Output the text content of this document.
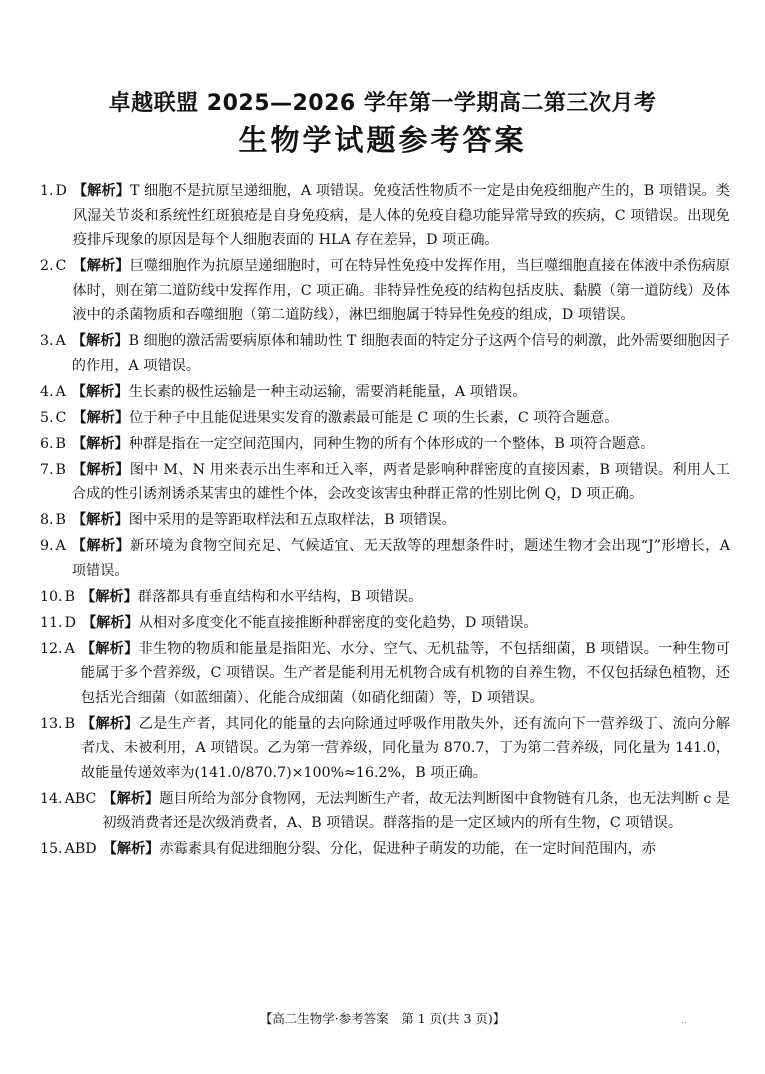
卓越联盟 2025—2026 学年第一学期高二第三次月考
生物学试题参考答案
1. D 【解析】T 细胞不是抗原呈递细胞，A 项错误。免疫活性物质不一定是由免疫细胞产生的，B 项错误。类风湿关节炎和系统性红斑狼疮是自身免疫病，是人体的免疫自稳功能异常导致的疾病，C 项错误。出现免疫排斥现象的原因是每个人细胞表面的 HLA 存在差异，D 项正确。
2. C 【解析】巨噬细胞作为抗原呈递细胞时，可在特异性免疫中发挥作用，当巨噬细胞直接在体液中杀伤病原体时，则在第二道防线中发挥作用，C 项正确。非特异性免疫的结构包括皮肤、黏膜（第一道防线）及体液中的杀菌物质和吞噬细胞（第二道防线），淋巴细胞属于特异性免疫的组成，D 项错误。
3. A 【解析】B 细胞的激活需要病原体和辅助性 T 细胞表面的特定分子这两个信号的刺激，此外需要细胞因子的作用，A 项错误。
4. A 【解析】生长素的极性运输是一种主动运输，需要消耗能量，A 项错误。
5. C 【解析】位于种子中且能促进果实发育的激素最可能是 C 项的生长素，C 项符合题意。
6. B 【解析】种群是指在一定空间范围内，同种生物的所有个体形成的一个整体，B 项符合题意。
7. B 【解析】图中 M、N 用来表示出生率和迁入率，两者是影响种群密度的直接因素，B 项错误。利用人工合成的性引诱剂诱杀某害虫的雄性个体，会改变该害虫种群正常的性别比例 Q，D 项正确。
8. B 【解析】图中采用的是等距取样法和五点取样法，B 项错误。
9. A 【解析】新环境为食物空间充足、气候适宜、无天敌等的理想条件时，题述生物才会出现“J”形增长，A 项错误。
10. B 【解析】群落都具有垂直结构和水平结构，B 项错误。
11. D 【解析】从相对多度变化不能直接推断种群密度的变化趋势，D 项错误。
12. A 【解析】非生物的物质和能量是指阳光、水分、空气、无机盐等，不包括细菌，B 项错误。一种生物可能属于多个营养级，C 项错误。生产者是能利用无机物合成有机物的自养生物，不仅包括绿色植物，还包括光合细菌（如蓝细菌）、化能合成细菌（如硝化细菌）等，D 项错误。
13. B 【解析】乙是生产者，其同化的能量的去向除通过呼吸作用散失外，还有流向下一营养级丁、流向分解者戊、未被利用，A 项错误。乙为第一营养级，同化量为 870.7，丁为第二营养级，同化量为 141.0，故能量传递效率为(141.0/870.7)×100%≈16.2%，B 项正确。
14. ABC 【解析】题目所给为部分食物网，无法判断生产者，故无法判断图中食物链有几条，也无法判断 c 是初级消费者还是次级消费者，A、B 项错误。群落指的是一定区域内的所有生物，C 项错误。
15. ABD 【解析】赤霉素具有促进细胞分裂、分化，促进种子萌发的功能，在一定时间范围内，赤
【高二生物学·参考答案　第 1 页(共 3 页)】	..
